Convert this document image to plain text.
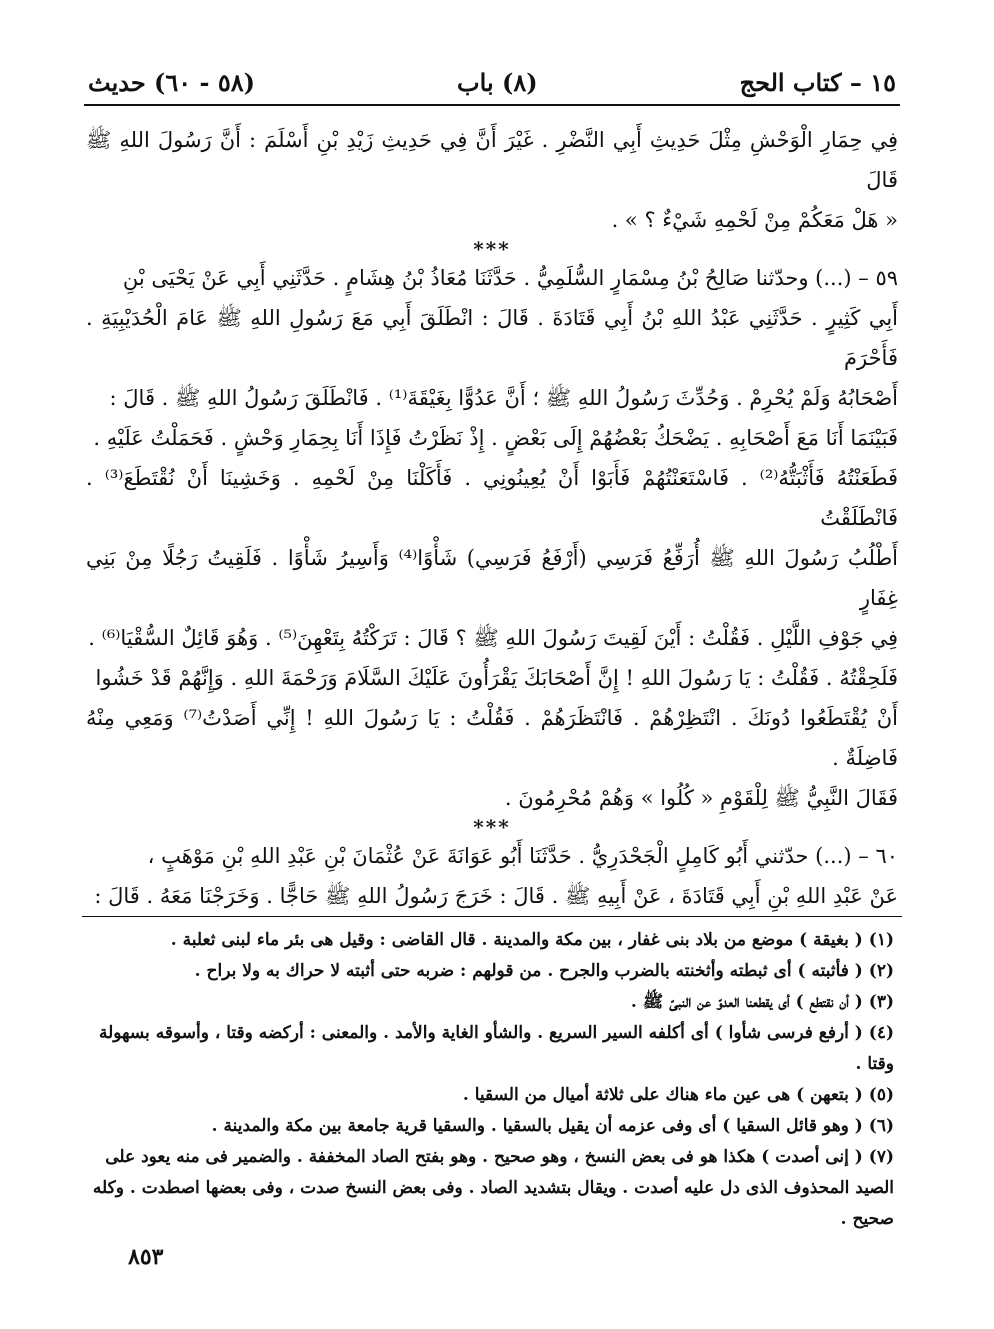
١٥ – كتاب الحج
(٨) باب
(٥٨ - ٦٠) حديث

فِي حِمَارِ الْوَحْشِ مِثْلَ حَدِيثِ أَبِي النَّضْرِ . غَيْرَ أَنَّ فِي حَدِيثِ زَيْدِ بْنِ أَسْلَمَ : أَنَّ رَسُولَ اللهِ ﷺ قَالَ

« هَلْ مَعَكُمْ مِنْ لَحْمِهِ شَيْءٌ ؟ » .

***

٥٩ – (...) وحدّثنا صَالِحُ بْنُ مِسْمَارٍ السُّلَمِيُّ . حَدَّثَنَا مُعَاذُ بْنُ هِشَامٍ . حَدَّثَنِي أَبِي عَنْ يَحْيَى بْنِ

أَبِي كَثِيرٍ . حَدَّثَنِي عَبْدُ اللهِ بْنُ أَبِي قَتَادَةَ . قَالَ : انْطَلَقَ أَبِي مَعَ رَسُولِ اللهِ ﷺ عَامَ الْحُدَيْبِيَةِ . فَأَحْرَمَ

أَصْحَابُهُ وَلَمْ يُحْرِمْ . وَحُدِّثَ رَسُولُ اللهِ ﷺ ؛ أَنَّ عَدُوًّا بِغَيْقَةَ⁽¹⁾ . فَانْطَلَقَ رَسُولُ اللهِ ﷺ . قَالَ :

فَبَيْنَمَا أَنَا مَعَ أَصْحَابِهِ . يَضْحَكُ بَعْضُهُمْ إِلَى بَعْضٍ . إِذْ نَظَرْتُ فَإِذَا أَنَا بِحِمَارِ وَحْشٍ . فَحَمَلْتُ عَلَيْهِ .

فَطَعَنْتُهُ فَأَثْبَتُّهُ⁽²⁾ . فَاسْتَعَنْتُهُمْ فَأَبَوْا أَنْ يُعِينُونِي . فَأَكَلْنَا مِنْ لَحْمِهِ . وَخَشِينَا أَنْ نُقْتَطَعَ⁽³⁾ . فَانْطَلَقْتُ

أَطْلُبُ رَسُولَ اللهِ ﷺ أُرَفِّعُ فَرَسِي (أَرْفَعُ فَرَسِي) شَأْوًا⁽⁴⁾ وَأَسِيرُ شَأْوًا . فَلَقِيتُ رَجُلًا مِنْ بَنِي غِفَارٍ

فِي جَوْفِ اللَّيْلِ . فَقُلْتُ : أَيْنَ لَقِيتَ رَسُولَ اللهِ ﷺ ؟ قَالَ : تَرَكْتُهُ بِتَعْهِنَ⁽⁵⁾ . وَهُوَ قَائِلٌ السُّقْيَا⁽⁶⁾ .

فَلَحِقْتُهُ . فَقُلْتُ : يَا رَسُولَ اللهِ ! إِنَّ أَصْحَابَكَ يَقْرَأُونَ عَلَيْكَ السَّلَامَ وَرَحْمَةَ اللهِ . وَإِنَّهُمْ قَدْ خَشُوا

أَنْ يُقْتَطَعُوا دُونَكَ . انْتَظِرْهُمْ . فَانْتَظَرَهُمْ . فَقُلْتُ : يَا رَسُولَ اللهِ ! إِنِّي أَصَدْتُ⁽⁷⁾ وَمَعِي مِنْهُ فَاضِلَةٌ .

فَقَالَ النَّبِيُّ ﷺ لِلْقَوْمِ « كُلُوا » وَهُمْ مُحْرِمُونَ .

***

٦٠ – (...) حدّثني أَبُو كَامِلٍ الْجَحْدَرِيُّ . حَدَّثَنَا أَبُو عَوَانَةَ عَنْ عُثْمَانَ بْنِ عَبْدِ اللهِ بْنِ مَوْهَبٍ ،

عَنْ عَبْدِ اللهِ بْنِ أَبِي قَتَادَةَ ، عَنْ أَبِيهِ ﷺ . قَالَ : خَرَجَ رَسُولُ اللهِ ﷺ حَاجًّا . وَخَرَجْنَا مَعَهُ . قَالَ :

(١) ( بغيقة ) موضع من بلاد بنى غفار ، بين مكة والمدينة . قال القاضى : وقيل هى بئر ماء لبنى ثعلبة .

(٢) ( فأثبته ) أى ثبطته وأثخنته بالضرب والجرح . من قولهم : ضربه حتى أثبته لا حراك به ولا براح .

(٣) ( أن نقتطع ) أى يقطعنا العدوّ عن النبىّ ﷺ .

(٤) ( أرفع فرسى شأوا ) أى أكلفه السير السريع . والشأو الغاية والأمد . والمعنى : أركضه وقتا ، وأسوقه بسهولة وقتا .

(٥) ( بتعهن ) هى عين ماء هناك على ثلاثة أميال من السقيا .

(٦) ( وهو قائل السقيا ) أى وفى عزمه أن يقيل بالسقيا . والسقيا قرية جامعة بين مكة والمدينة .

(٧) ( إنى أصدت ) هكذا هو فى بعض النسخ ، وهو صحيح . وهو بفتح الصاد المخففة . والضمير فى منه يعود على

الصيد المحذوف الذى دل عليه أصدت . ويقال بتشديد الصاد . وفى بعض النسخ صدت ، وفى بعضها اصطدت . وكله صحيح .

٨٥٣
